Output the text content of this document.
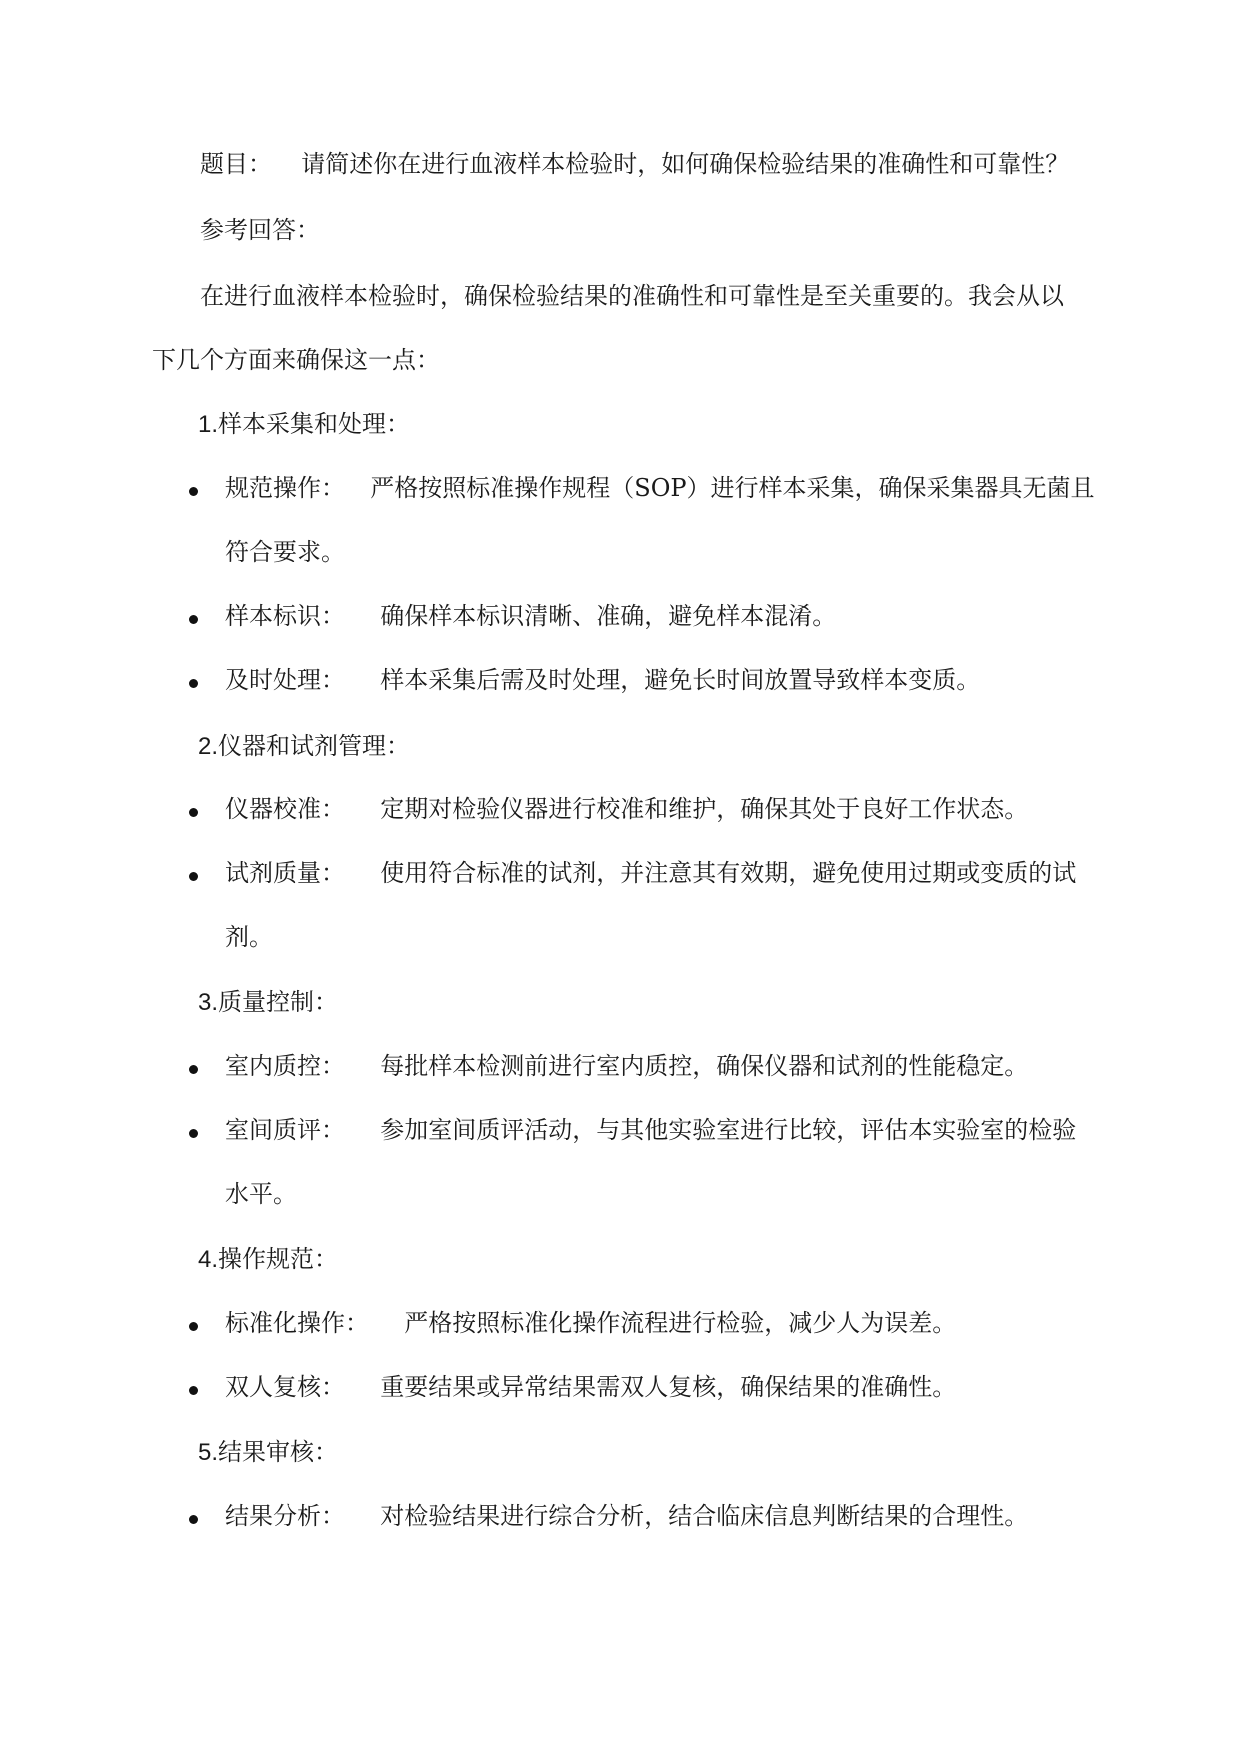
题目： 请简述你在进行血液样本检验时，如何确保检验结果的准确性和可靠性？
参考回答：
在进行血液样本检验时，确保检验结果的准确性和可靠性是至关重要的。我会从以
下几个方面来确保这一点：
1.样本采集和处理：
规范操作： 严格按照标准操作规程（SOP）进行样本采集，确保采集器具无菌且
符合要求。
样本标识： 确保样本标识清晰、准确，避免样本混淆。
及时处理： 样本采集后需及时处理，避免长时间放置导致样本变质。
2.仪器和试剂管理：
仪器校准： 定期对检验仪器进行校准和维护，确保其处于良好工作状态。
试剂质量： 使用符合标准的试剂，并注意其有效期，避免使用过期或变质的试
剂。
3.质量控制：
室内质控： 每批样本检测前进行室内质控，确保仪器和试剂的性能稳定。
室间质评： 参加室间质评活动，与其他实验室进行比较，评估本实验室的检验
水平。
4.操作规范：
标准化操作： 严格按照标准化操作流程进行检验，减少人为误差。
双人复核： 重要结果或异常结果需双人复核，确保结果的准确性。
5.结果审核：
结果分析： 对检验结果进行综合分析，结合临床信息判断结果的合理性。
